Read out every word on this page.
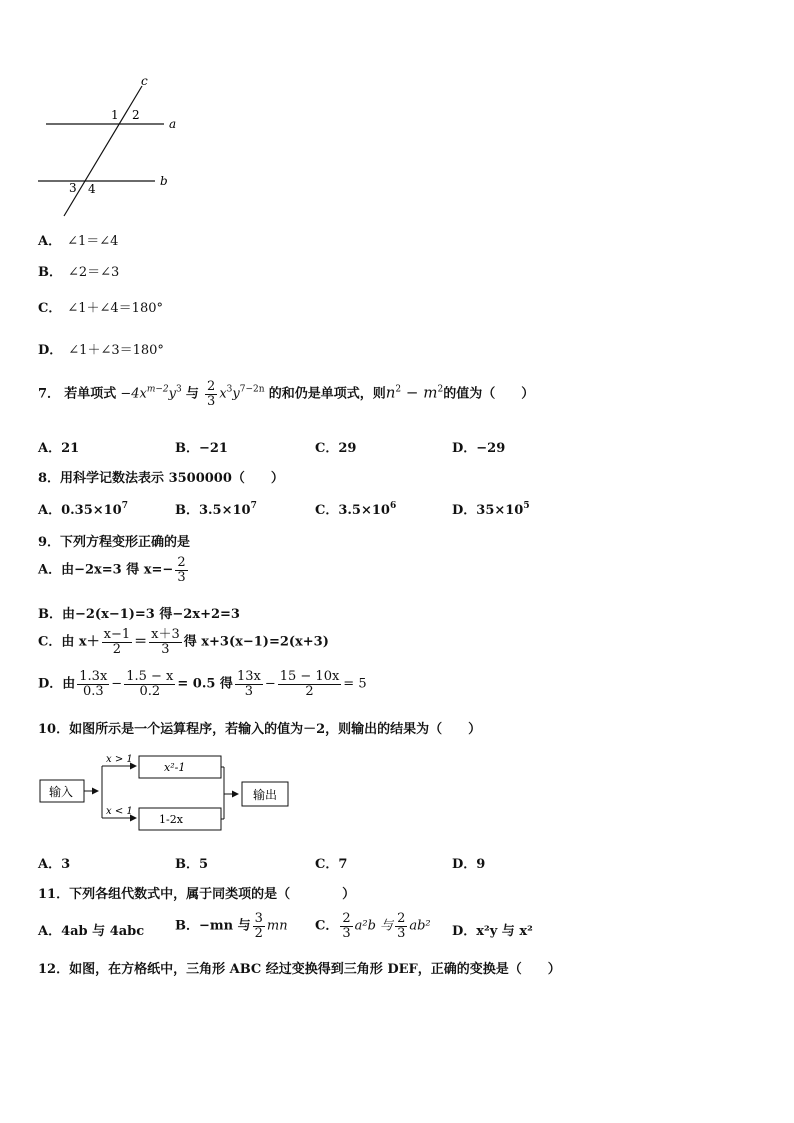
c
a
b
1 2
3 4
A． ∠1＝∠4
B． ∠2＝∠3
C． ∠1＋∠4＝180°
D． ∠1＋∠3＝180°
7． 若单项式 $-4x^{m-2}y^3$ 与 $\frac{2}{3} x^3y^{7-2n}$ 的和仍是单项式，则$n^2 - m^2$的值为（　　）
A．21	B．−21	C．29	D．−29
8．用科学记数法表示 3500000（　　）
A．$0.35\times 10^7$	B．$3.5\times 10^7$	C．$3.5\times 10^6$	D．$35\times 10^5$
9．下列方程变形正确的是
A．由−2x=3 得 $x=- \frac{2}{3}$
B．由−2(x−1)=3 得−2x+2=3
C．由 $x+ \frac{x-1}{2} = \frac{x+3}{3}$ 得 x+3(x−1)=2(x+3)
D．由 $\frac{1.3x}{0.3} - \frac{1.5 - x}{0.2} = 0.5$ 得 $\frac{13x}{3} - \frac{15 - 10x}{2} = 5$
10．如图所示是一个运算程序，若输入的值为－2，则输出的结果为（　　）
输入
x > 1
x < 1
x²-1
1-2x
输出
A．3	B．5	C．7	D．9
11．下列各组代数式中，属于同类项的是（　　　　）
A．4ab 与 4abc B．−mn 与 $\frac{3}{2}$ mn C． $\frac{2}{3} a^2b$ 与 $\frac{2}{3} ab^2$ D．x²y 与 x²
12．如图，在方格纸中，三角形 ABC 经过变换得到三角形 DEF，正确的变换是（　　）
